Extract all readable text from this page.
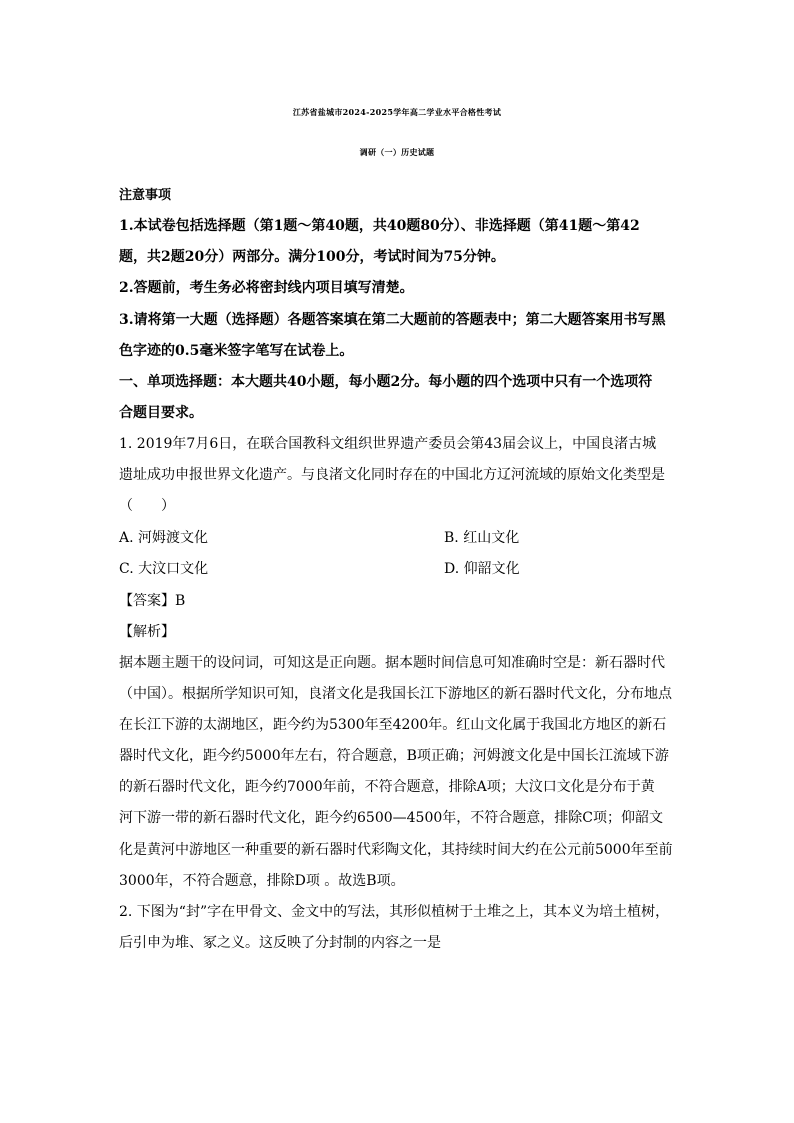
江苏省盐城市2024-2025学年高二学业水平合格性考试
调研（一）历史试题
注意事项
1.本试卷包括选择题（第1题～第40题，共40题80分）、非选择题（第41题～第42
题，共2题20分）两部分。满分100分，考试时间为75分钟。
2.答题前，考生务必将密封线内项目填写清楚。
3.请将第一大题（选择题）各题答案填在第二大题前的答题表中；第二大题答案用书写黑
色字迹的0.5毫米签字笔写在试卷上。
一、单项选择题：本大题共40小题，每小题2分。每小题的四个选项中只有一个选项符
合题目要求。
1. 2019年7月6日，在联合国教科文组织世界遗产委员会第43届会议上，中国良渚古城
遗址成功申报世界文化遗产。与良渚文化同时存在的中国北方辽河流域的原始文化类型是
（　　）
A. 河姆渡文化	B. 红山文化
C. 大汶口文化	D. 仰韶文化
【答案】B
【解析】
据本题主题干的设问词，可知这是正向题。据本题时间信息可知准确时空是：新石器时代
（中国）。根据所学知识可知，良渚文化是我国长江下游地区的新石器时代文化，分布地点
在长江下游的太湖地区，距今约为5300年至4200年。红山文化属于我国北方地区的新石
器时代文化，距今约5000年左右，符合题意，B项正确；河姆渡文化是中国长江流域下游
的新石器时代文化，距今约7000年前，不符合题意，排除A项；大汶口文化是分布于黄
河下游一带的新石器时代文化，距今约6500—4500年，不符合题意，排除C项；仰韶文
化是黄河中游地区一种重要的新石器时代彩陶文化，其持续时间大约在公元前5000年至前
3000年，不符合题意，排除D项 。故选B项。
2. 下图为“封”字在甲骨文、金文中的写法，其形似植树于土堆之上，其本义为培土植树，
后引申为堆、冢之义。这反映了分封制的内容之一是
